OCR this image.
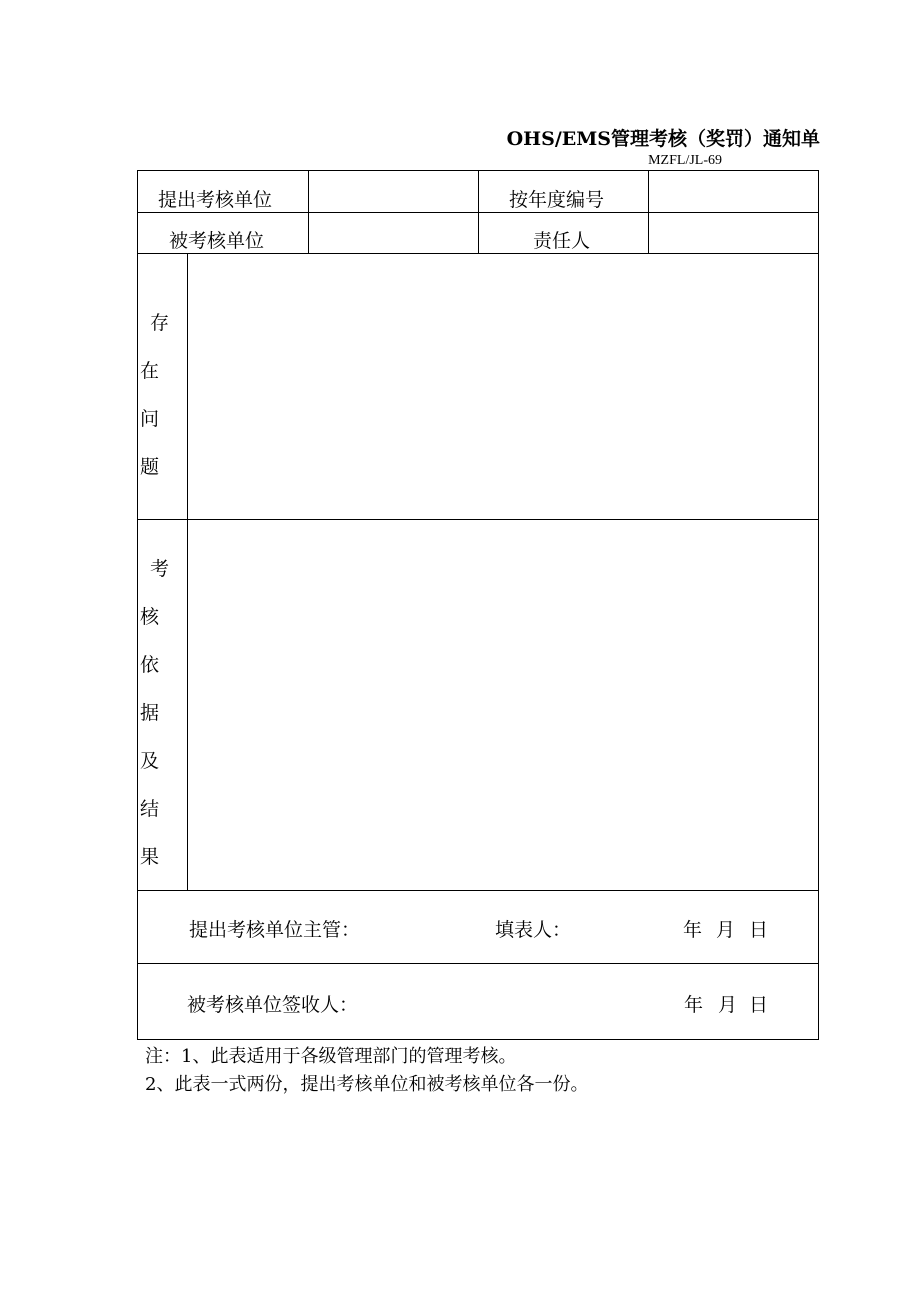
OHS/EMS管理考核（奖罚）通知单
MZFL/JL-69
提出考核单位	按年度编号
被考核单位	责任人
存
在
问
题
考
核
依
据
及
结
果
提出考核单位主管：	填表人：	年 月 日
被考核单位签收人：	年 月 日
注：1、此表适用于各级管理部门的管理考核。
2、此表一式两份，提出考核单位和被考核单位各一份。
